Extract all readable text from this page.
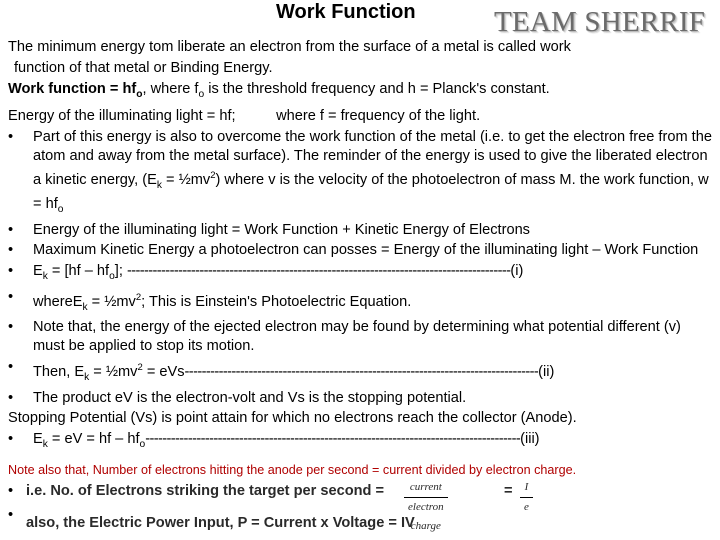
Work Function	TEAM SHERRIF

The minimum energy tom liberate an electron from the surface of a metal is called work

function of that metal or Binding Energy.

Work function = $hf_o$, where $f_o$ is the threshold frequency and h = Planck's constant.

Energy of the illuminating light = hf;          where f = frequency of the light.

•	Part of this energy is also to overcome the work function of the metal (i.e. to get the electron free from the atom and away from the metal surface). The reminder of the energy is used to give the liberated electron a kinetic energy, ($E_k$ = $\frac{1}{2}mv^2$) where v is the velocity of the photoelectron of mass M. the work function, $w = hf_o$
•	Energy of the illuminating light = Work Function + Kinetic Energy of Electrons
•	Maximum Kinetic Energy a photoelectron can posses = Energy of the illuminating light – Work Function
•	$E_k = [hf - hf_o]$; ------------------------------------------------------------------------------------------(i)
•	whereE$_k$ = $\frac{1}{2}mv^2$; This is Einstein's Photoelectric Equation.
•	Note that, the energy of the ejected electron may be found by determining what potential different (v) must be applied to stop its motion.
•	Then, $E_k$ = $\frac{1}{2}mv^2 = eVs-----------------------------------------------------------------------------------(ii)$
•	The product eV is the electron-volt and Vs is the stopping potential.

Stopping Potential (Vs) is point attain for which no electrons reach the collector (Anode).

•	$E_k$ = eV = hf – $hf_o----------------------------------------------------------------------------------------(iii)$

Note also that, Number of electrons hitting the anode per second = current divided by electron charge.

• i.e. No. of Electrons striking the target per second =	current
electron charge
= $\frac{I}{e}$
• also, the Electric Power Input, P = Current x Voltage = IV
